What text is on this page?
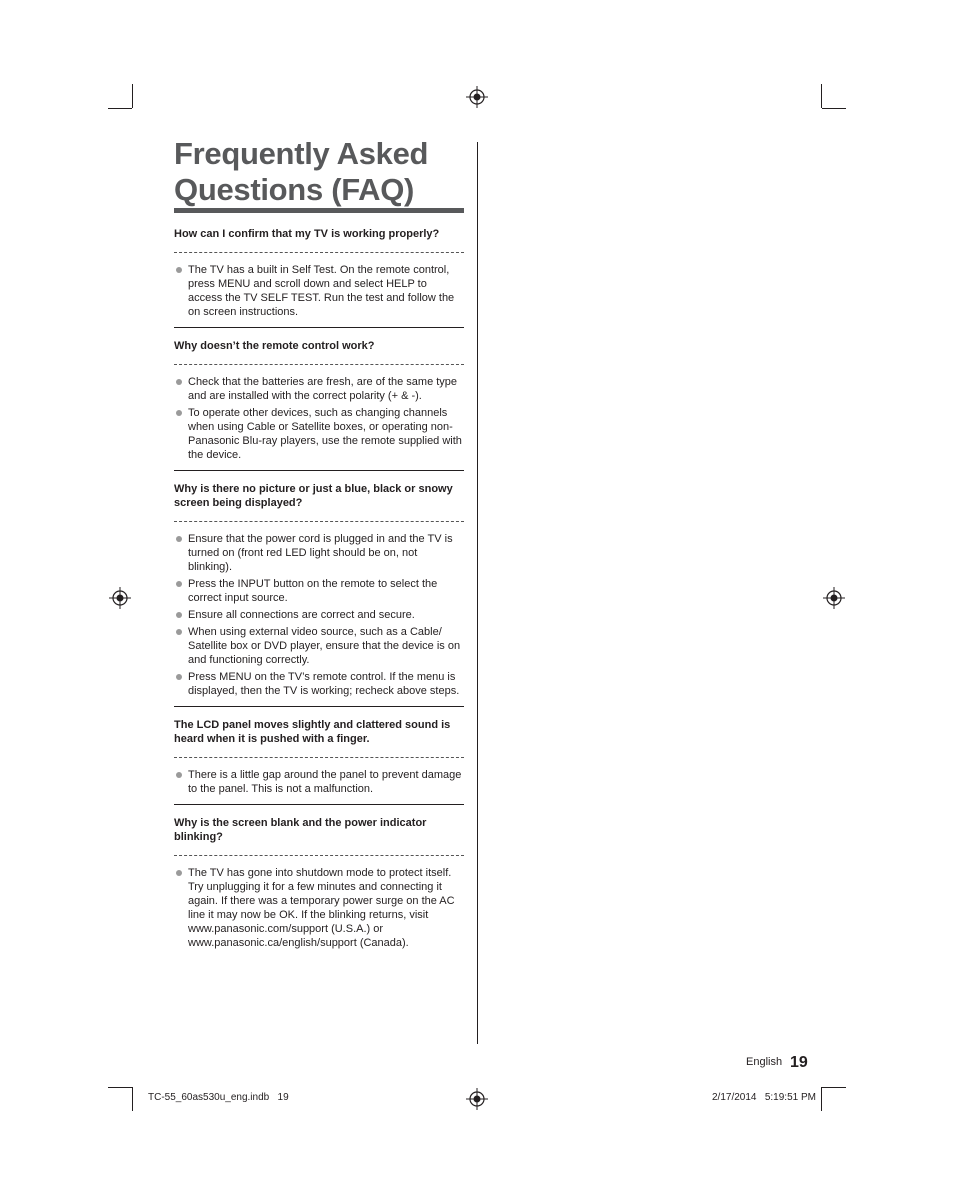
Frequently Asked
Questions (FAQ)

How can I confirm that my TV is working properly?

The TV has a built in Self Test. On the remote control, press MENU and scroll down and select HELP to access the TV SELF TEST. Run the test and follow the on screen instructions.

Why doesn’t the remote control work?

Check that the batteries are fresh, are of the same type and are installed with the correct polarity (+ & -).
To operate other devices, such as changing channels when using Cable or Satellite boxes, or operating non-Panasonic Blu-ray players, use the remote supplied with the device.

Why is there no picture or just a blue, black or snowy screen being displayed?

Ensure that the power cord is plugged in and the TV is turned on (front red LED light should be on, not blinking).
Press the INPUT button on the remote to select the correct input source.
Ensure all connections are correct and secure.
When using external video source, such as a Cable/ Satellite box or DVD player, ensure that the device is on and functioning correctly.
Press MENU on the TV’s remote control. If the menu is displayed, then the TV is working; recheck above steps.

The LCD panel moves slightly and clattered sound is heard when it is pushed with a finger.

There is a little gap around the panel to prevent damage to the panel. This is not a malfunction.

Why is the screen blank and the power indicator blinking?

The TV has gone into shutdown mode to protect itself. Try unplugging it for a few minutes and connecting it again. If there was a temporary power surge on the AC line it may now be OK. If the blinking returns, visit www.panasonic.com/support (U.S.A.) or www.panasonic.ca/english/support (Canada).
English 19
TC-55_60as530u_eng.indb   19	2/17/2014   5:19:51 PM
